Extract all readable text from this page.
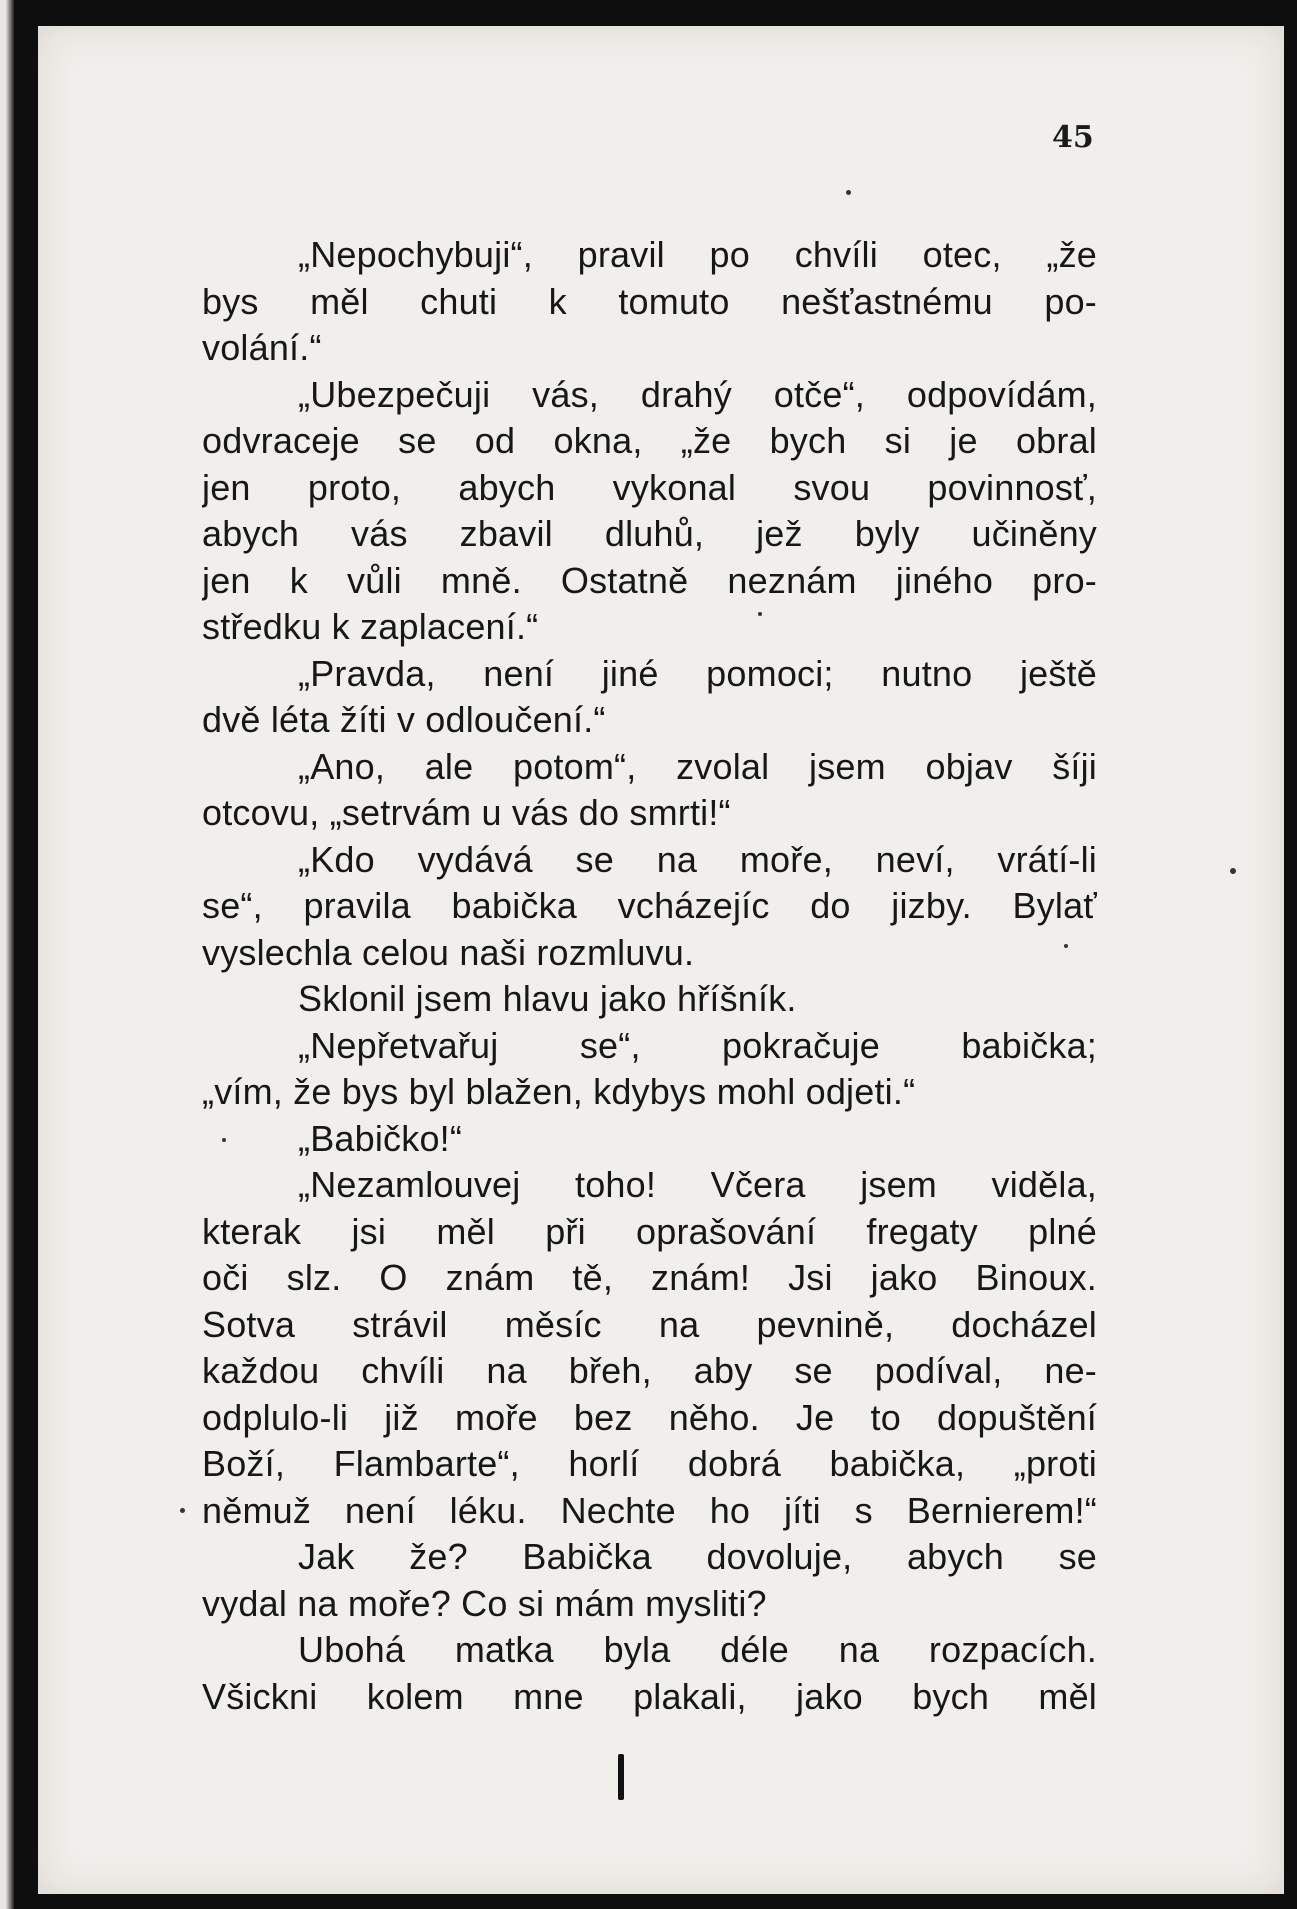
45
„Nepochybuji“, pravil po chvíli otec, „že
bys měl chuti k tomuto nešťastnému po-
volání.“
„Ubezpečuji vás, drahý otče“, odpovídám,
odvraceje se od okna, „že bych si je obral
jen proto, abych vykonal svou povinnosť,
abych vás zbavil dluhů, jež byly učiněny
jen k vůli mně. Ostatně neznám jiného pro-
středku k zaplacení.“
„Pravda, není jiné pomoci; nutno ještě
dvě léta žíti v odloučení.“
„Ano, ale potom“, zvolal jsem objav šíji
otcovu, „setrvám u vás do smrti!“
„Kdo vydává se na moře, neví, vrátí-li
se“, pravila babička vcházejíc do jizby. Bylať
vyslechla celou naši rozmluvu.
Sklonil jsem hlavu jako hříšník.
„Nepřetvařuj se“, pokračuje babička;
„vím, že bys byl blažen, kdybys mohl odjeti.“
„Babičko!“
„Nezamlouvej toho! Včera jsem viděla,
kterak jsi měl při oprašování fregaty plné
oči slz. O znám tě, znám! Jsi jako Binoux.
Sotva strávil měsíc na pevnině, docházel
každou chvíli na břeh, aby se podíval, ne-
odplulo-li již moře bez něho. Je to dopuštění
Boží, Flambarte“, horlí dobrá babička, „proti
němuž není léku. Nechte ho jíti s Bernierem!“
Jak že? Babička dovoluje, abych se
vydal na moře? Co si mám mysliti?
Ubohá matka byla déle na rozpacích.
Všickni kolem mne plakali, jako bych měl
